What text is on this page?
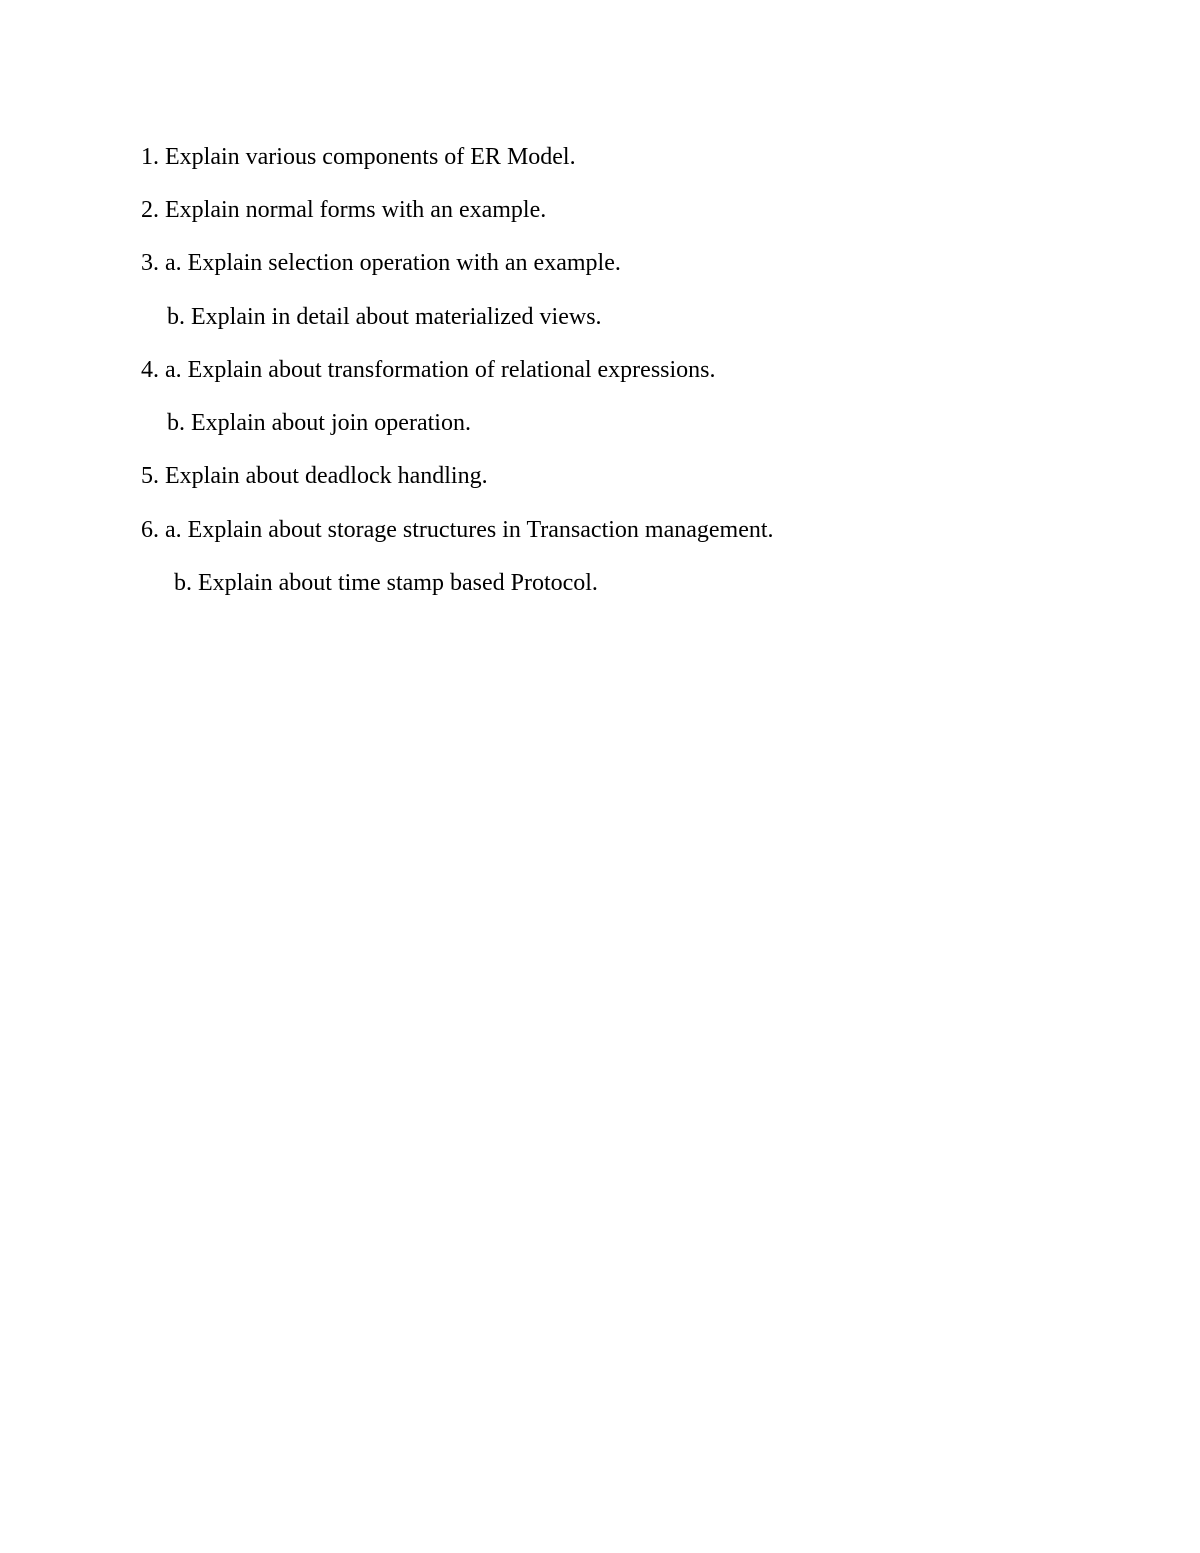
1. Explain various components of ER Model.
2. Explain normal forms with an example.
3. a. Explain selection operation with an example.
b. Explain in detail about materialized views.
4. a. Explain about transformation of relational expressions.
b. Explain about join operation.
5. Explain about deadlock handling.
6. a. Explain about storage structures in Transaction management.
b. Explain about time stamp based Protocol.
